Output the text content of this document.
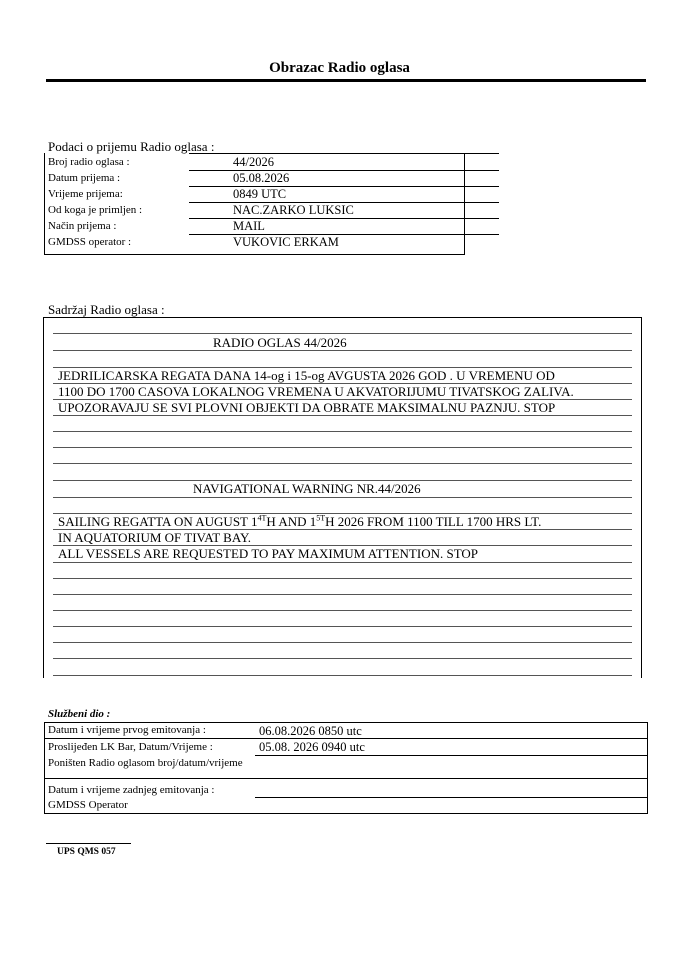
Obrazac Radio oglasa
Podaci o prijemu Radio oglasa :
Broj radio oglasa :	44/2026
Datum prijema :	05.08.2026
Vrijeme prijema:	0849 UTC
Od koga je primljen :	NAC.ZARKO LUKSIC
Način prijema :	MAIL
GMDSS operator :	VUKOVIC ERKAM
Sadržaj Radio oglasa :
RADIO OGLAS 44/2026
JEDRILICARSKA REGATA DANA 14-og i 15-og AVGUSTA 2026 GOD . U VREMENU OD
1100 DO 1700 CASOVA LOKALNOG VREMENA U AKVATORIJUMU TIVATSKOG ZALIVA.
UPOZORAVAJU SE SVI PLOVNI OBJEKTI DA OBRATE MAKSIMALNU PAZNJU. STOP
NAVIGATIONAL WARNING NR.44/2026
SAILING REGATTA ON AUGUST $1^{4T}H$ AND $1^{5T}H$ 2026 FROM 1100 TILL 1700 HRS LT.
IN AQUATORIUM OF TIVAT BAY.
ALL VESSELS ARE REQUESTED TO PAY MAXIMUM ATTENTION. STOP
Službeni dio :
Datum i vrijeme prvog emitovanja :	06.08.2026 0850 utc
Proslijeđen LK Bar, Datum/Vrijeme :	05.08. 2026 0940 utc
Poništen Radio oglasom broj/datum/vrijeme
Datum i vrijeme zadnjeg emitovanja :
GMDSS Operator
UPS QMS 057
